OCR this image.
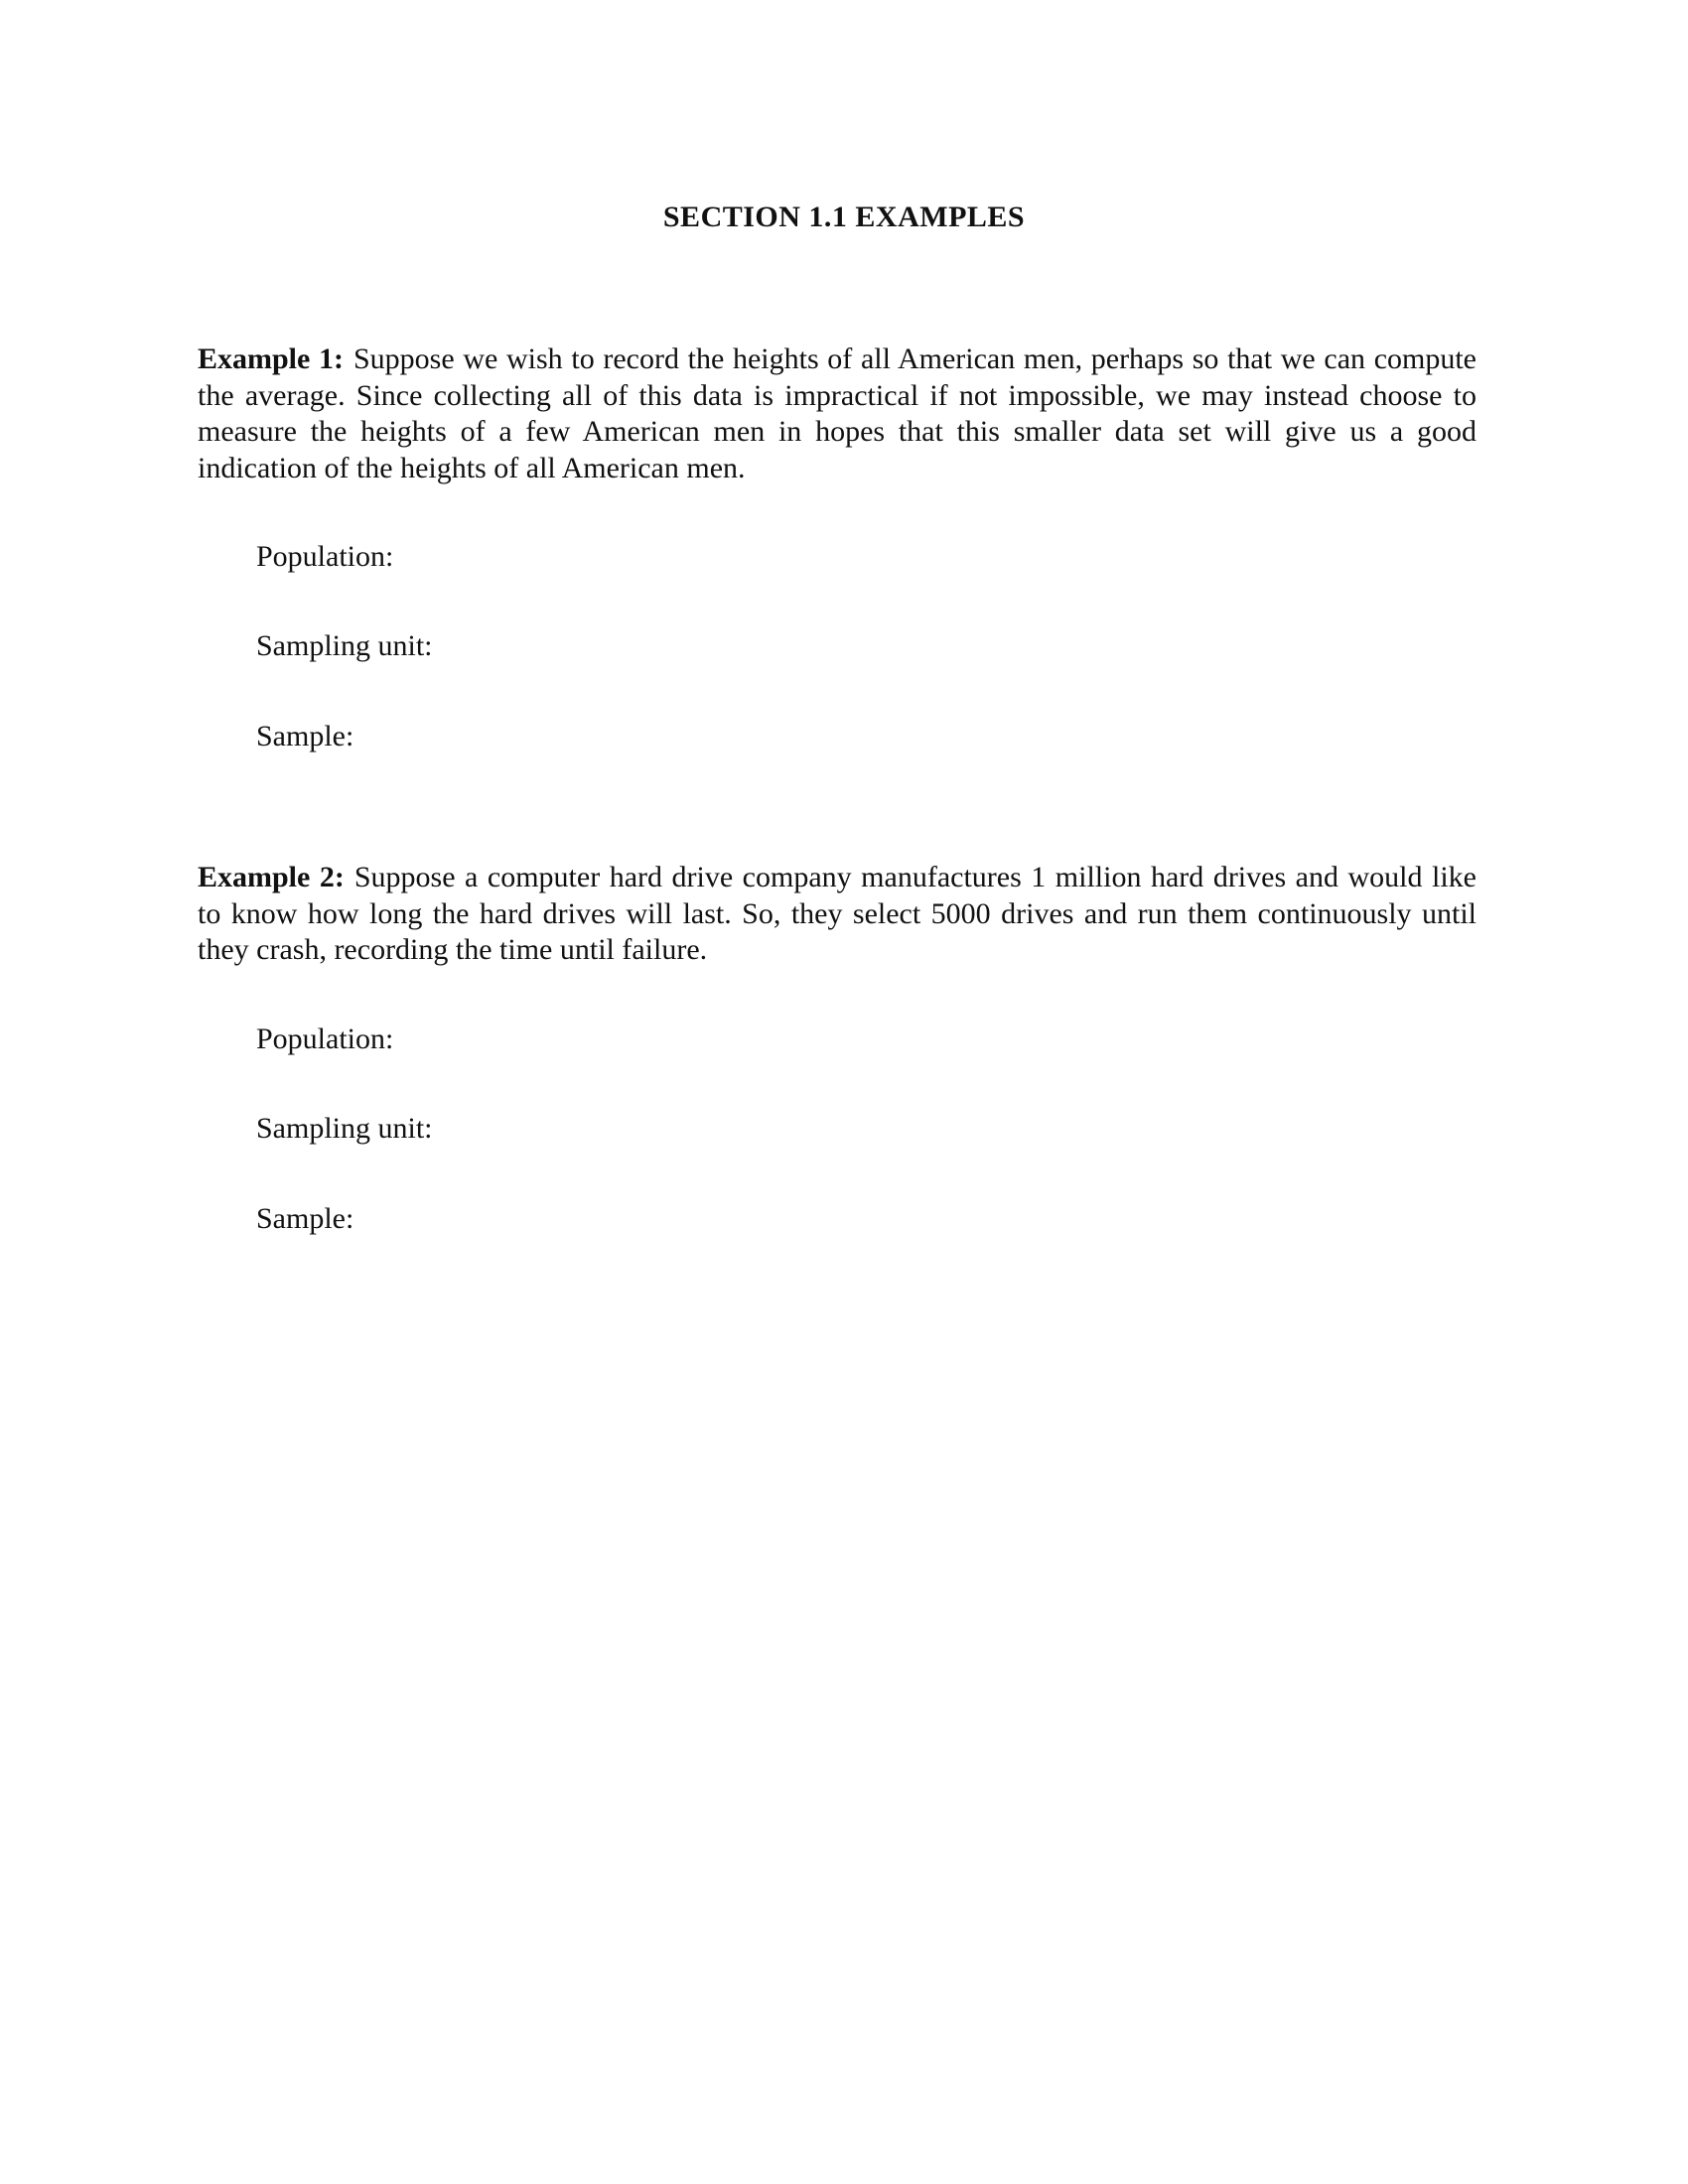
SECTION 1.1 EXAMPLES
Example 1: Suppose we wish to record the heights of all American men, perhaps so that we can compute the average. Since collecting all of this data is impractical if not impossible, we may instead choose to measure the heights of a few American men in hopes that this smaller data set will give us a good indication of the heights of all American men.
Population:
Sampling unit:
Sample:
Example 2: Suppose a computer hard drive company manufactures 1 million hard drives and would like to know how long the hard drives will last. So, they select 5000 drives and run them continuously until they crash, recording the time until failure.
Population:
Sampling unit:
Sample:
